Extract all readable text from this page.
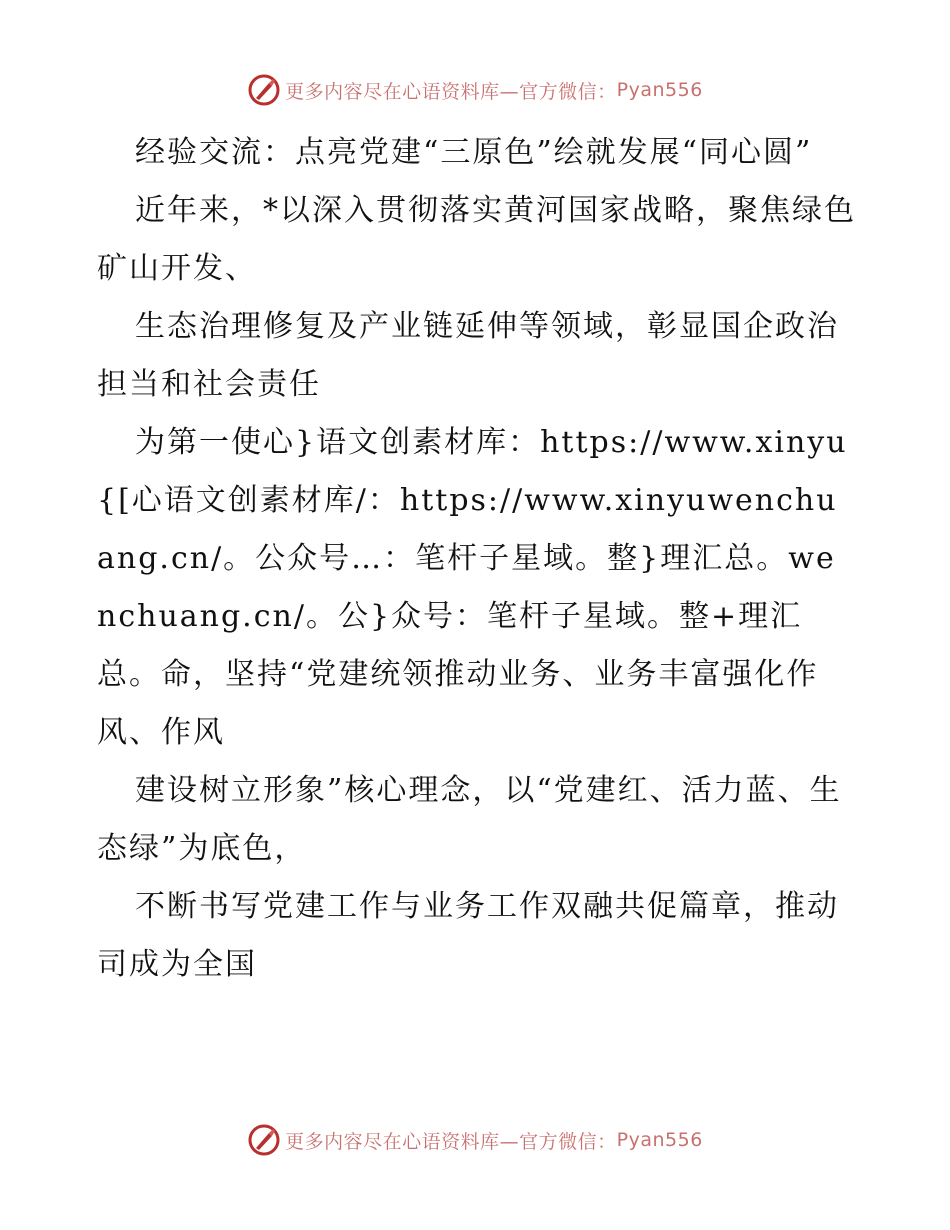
更多内容尽在心语资料库—官方微信： Pyan556

经验交流：点亮党建“三原色”绘就发展“同心圆”

近年来，*以深入贯彻落实黄河国家战略，聚焦绿色矿山开发、

生态治理修复及产业链延伸等领域，彰显国企政治担当和社会责任

为第一使心}语文创素材库：https://www.xinyu{[心语文创素材库/：https://www.xinyuwenchuang.cn/。公众号…：笔杆子星域。整}理汇总。wenchuang.cn/。公}众号：笔杆子星域。整+理汇总。命，坚持“党建统领推动业务、业务丰富强化作风、作风

建设树立形象”核心理念，以“党建红、活力蓝、生态绿”为底色，

不断书写党建工作与业务工作双融共促篇章，推动司成为全国

更多内容尽在心语资料库—官方微信： Pyan556
